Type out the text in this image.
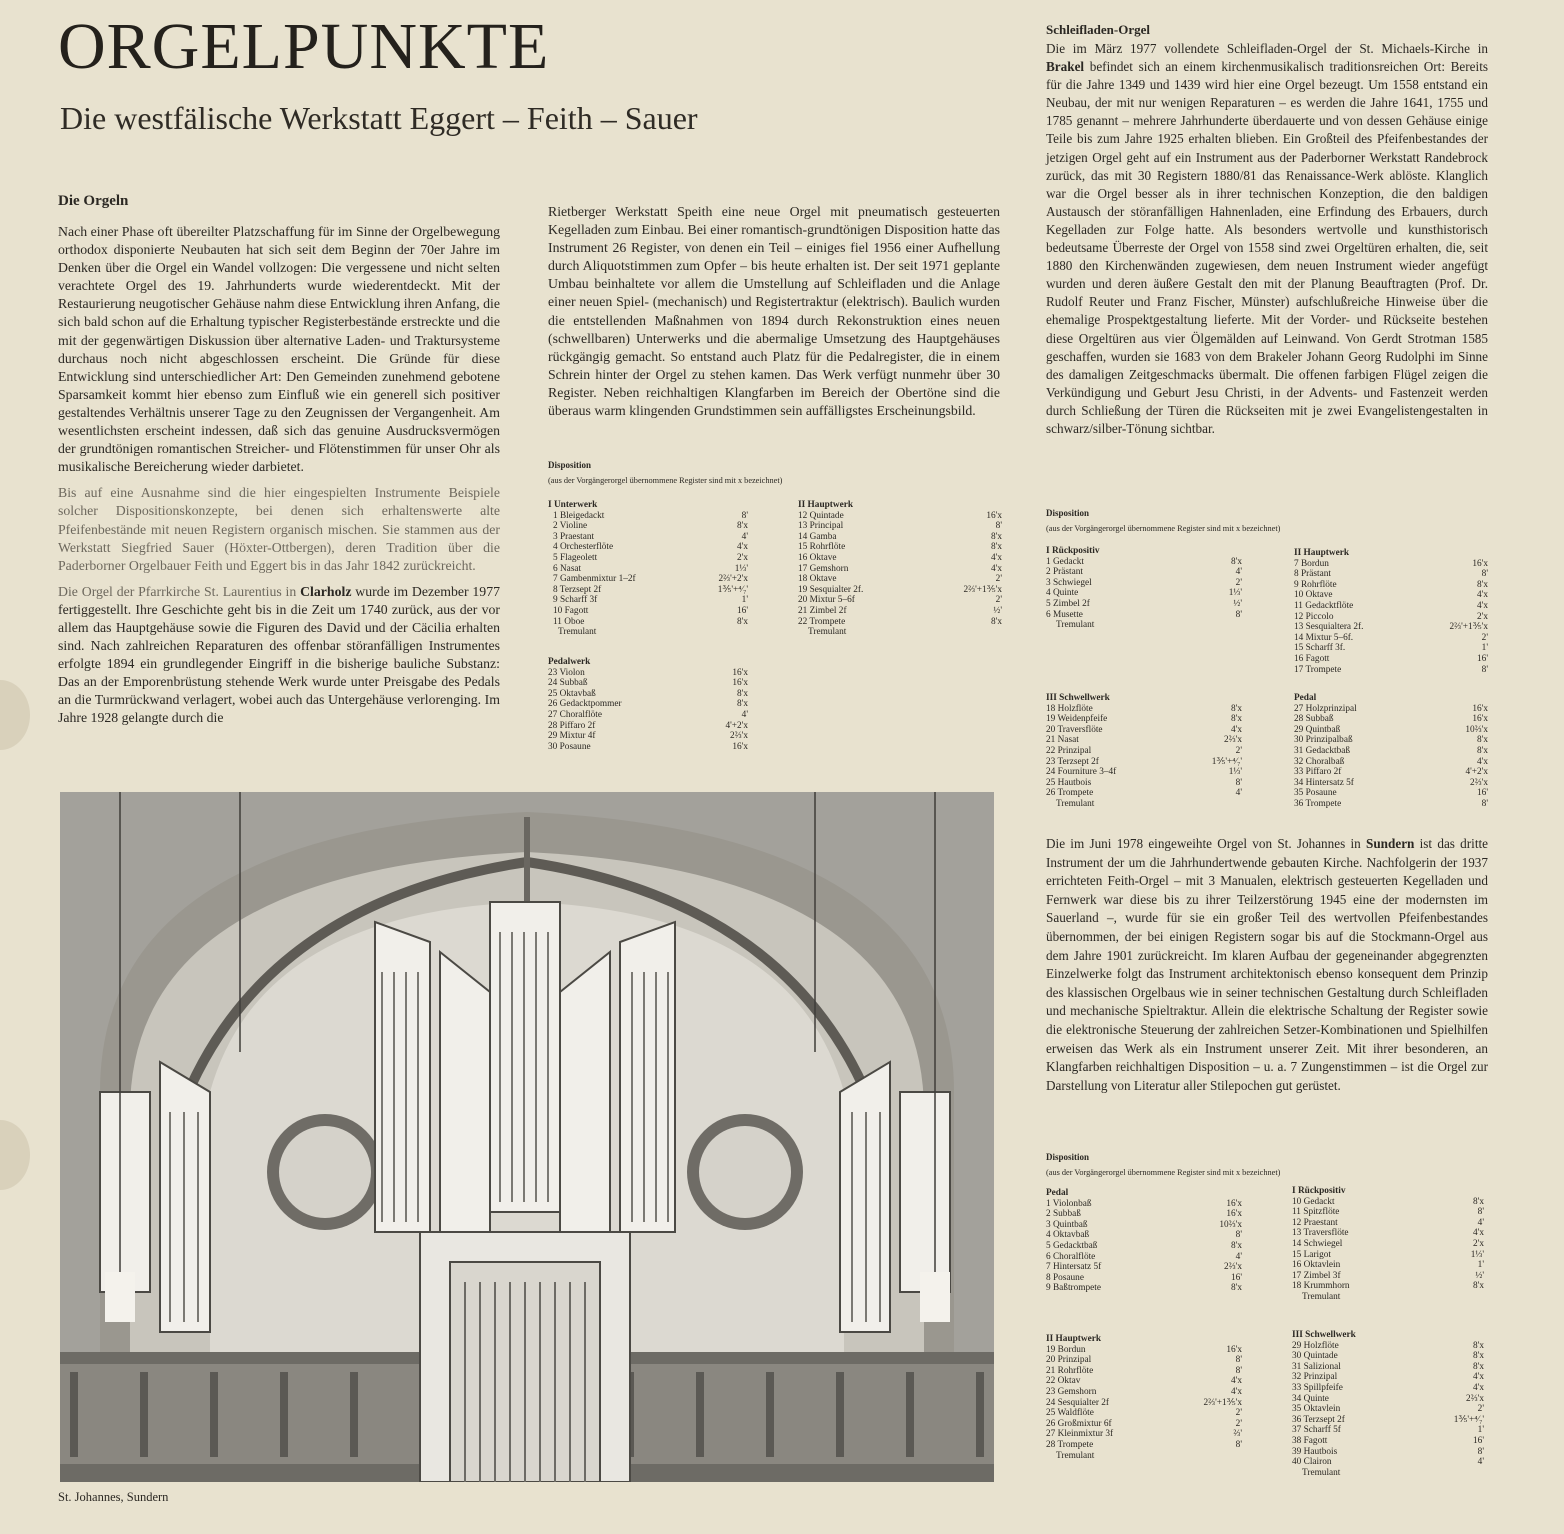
ORGELPUNKTE
Die westfälische Werkstatt Eggert – Feith – Sauer
Die Orgeln

Nach einer Phase oft übereilter Platzschaffung für im Sinne der Orgelbewegung orthodox disponierte Neubauten hat sich seit dem Beginn der 70er Jahre im Denken über die Orgel ein Wandel vollzogen: Die vergessene und nicht selten verachtete Orgel des 19. Jahrhunderts wurde wiederentdeckt. Mit der Restaurierung neugotischer Gehäuse nahm diese Entwicklung ihren Anfang, die sich bald schon auf die Erhaltung typischer Registerbestände erstreckte und die mit der gegenwärtigen Diskussion über alternative Laden- und Traktursysteme durchaus noch nicht abgeschlossen erscheint. Die Gründe für diese Entwicklung sind unterschiedlicher Art: Den Gemeinden zunehmend gebotene Sparsamkeit kommt hier ebenso zum Einfluß wie ein generell sich positiver gestaltendes Verhältnis unserer Tage zu den Zeugnissen der Vergangenheit. Am wesentlichsten erscheint indessen, daß sich das genuine Ausdrucksvermögen der grundtönigen romantischen Streicher- und Flötenstimmen für unser Ohr als musikalische Bereicherung wieder darbietet.

Bis auf eine Ausnahme sind die hier eingespielten Instrumente Beispiele solcher Dispositionskonzepte, bei denen sich erhaltenswerte alte Pfeifenbestände mit neuen Registern organisch mischen. Sie stammen aus der Werkstatt Siegfried Sauer (Höxter-Ottbergen), deren Tradition über die Paderborner Orgelbauer Feith und Eggert bis in das Jahr 1842 zurückreicht.

Die Orgel der Pfarrkirche St. Laurentius in Clarholz wurde im Dezember 1977 fertiggestellt. Ihre Geschichte geht bis in die Zeit um 1740 zurück, aus der vor allem das Hauptgehäuse sowie die Figuren des David und der Cäcilia erhalten sind. Nach zahlreichen Reparaturen des offenbar störanfälligen Instrumentes erfolgte 1894 ein grundlegender Eingriff in die bisherige bauliche Substanz: Das an der Emporenbrüstung stehende Werk wurde unter Preisgabe des Pedals an die Turmrückwand verlagert, wobei auch das Untergehäuse verlorenging. Im Jahre 1928 gelangte durch die

Rietberger Werkstatt Speith eine neue Orgel mit pneumatisch gesteuerten Kegelladen zum Einbau. Bei einer romantisch-grundtönigen Disposition hatte das Instrument 26 Register, von denen ein Teil – einiges fiel 1956 einer Aufhellung durch Aliquotstimmen zum Opfer – bis heute erhalten ist. Der seit 1971 geplante Umbau beinhaltete vor allem die Umstellung auf Schleifladen und die Anlage einer neuen Spiel- (mechanisch) und Registertraktur (elektrisch). Baulich wurden die entstellenden Maßnahmen von 1894 durch Rekonstruktion eines neuen (schwellbaren) Unterwerks und die abermalige Umsetzung des Hauptgehäuses rückgängig gemacht. So entstand auch Platz für die Pedalregister, die in einem Schrein hinter der Orgel zu stehen kamen. Das Werk verfügt nunmehr über 30 Register. Neben reichhaltigen Klangfarben im Bereich der Obertöne sind die überaus warm klingenden Grundstimmen sein auffälligstes Erscheinungsbild.

Disposition
(aus der Vorgängerorgel übernommene Register sind mit x bezeichnet)
I Unterwerk
1 Bleigedackt	8'
2 Violine	8'x
3 Praestant	4'
4 Orchesterflöte	4'x
5 Flageolett	2'x
6 Nasat	1⅓'
7 Gambenmixtur 1–2f	2⅔'+2'x
8 Terzsept 2f	1⅗'+⁴⁄₇'
9 Scharff 3f	1'
10 Fagott	16'
11 Oboe	8'x
Tremulant
Pedalwerk
23 Violon	16'x
24 Subbaß	16'x
25 Oktavbaß	8'x
26 Gedacktpommer	8'x
27 Choralflöte	4'
28 Piffaro 2f	4'+2'x
29 Mixtur 4f	2⅔'x
30 Posaune	16'x
II Hauptwerk
12 Quintade	16'x
13 Principal	8'
14 Gamba	8'x
15 Rohrflöte	8'x
16 Oktave	4'x
17 Gemshorn	4'x
18 Oktave	2'
19 Sesquialter 2f.	2⅔'+1⅗'x
20 Mixtur 5–6f	2'
21 Zimbel 2f	½'
22 Trompete	8'x
Tremulant
St. Johannes, Sundern
Schleifladen-Orgel

Die im März 1977 vollendete Schleifladen-Orgel der St. Michaels-Kirche in Brakel befindet sich an einem kirchenmusikalisch traditionsreichen Ort: Bereits für die Jahre 1349 und 1439 wird hier eine Orgel bezeugt. Um 1558 entstand ein Neubau, der mit nur wenigen Reparaturen – es werden die Jahre 1641, 1755 und 1785 genannt – mehrere Jahrhunderte überdauerte und von dessen Gehäuse einige Teile bis zum Jahre 1925 erhalten blieben. Ein Großteil des Pfeifenbestandes der jetzigen Orgel geht auf ein Instrument aus der Paderborner Werkstatt Randebrock zurück, das mit 30 Registern 1880/81 das Renaissance-Werk ablöste. Klanglich war die Orgel besser als in ihrer technischen Konzeption, die den baldigen Austausch der störanfälligen Hahnenladen, eine Erfindung des Erbauers, durch Kegelladen zur Folge hatte. Als besonders wertvolle und kunsthistorisch bedeutsame Überreste der Orgel von 1558 sind zwei Orgeltüren erhalten, die, seit 1880 den Kirchenwänden zugewiesen, dem neuen Instrument wieder angefügt wurden und deren äußere Gestalt den mit der Planung Beauftragten (Prof. Dr. Rudolf Reuter und Franz Fischer, Münster) aufschlußreiche Hinweise über die ehemalige Prospektgestaltung lieferte. Mit der Vorder- und Rückseite bestehen diese Orgeltüren aus vier Ölgemälden auf Leinwand. Von Gerdt Strotman 1585 geschaffen, wurden sie 1683 von dem Brakeler Johann Georg Rudolphi im Sinne des damaligen Zeitgeschmacks übermalt. Die offenen farbigen Flügel zeigen die Verkündigung und Geburt Jesu Christi, in der Advents- und Fastenzeit werden durch Schließung der Türen die Rückseiten mit je zwei Evangelistengestalten in schwarz/silber-Tönung sichtbar.

Disposition
(aus der Vorgängerorgel übernommene Register sind mit x bezeichnet)
I Rückpositiv
1 Gedackt	8'x
2 Prästant	4'
3 Schwiegel	2'
4 Quinte	1⅓'
5 Zimbel 2f	½'
6 Musette	8'
Tremulant
III Schwellwerk
18 Holzflöte	8'x
19 Weidenpfeife	8'x
20 Traversflöte	4'x
21 Nasat	2⅔'x
22 Prinzipal	2'
23 Terzsept 2f	1⅗'+⁴⁄₇'
24 Fourniture 3–4f	1⅓'
25 Hautbois	8'
26 Trompete	4'
Tremulant
II Hauptwerk
7 Bordun	16'x
8 Prästant	8'
9 Rohrflöte	8'x
10 Oktave	4'x
11 Gedacktflöte	4'x
12 Piccolo	2'x
13 Sesquialtera 2f.	2⅔'+1⅗'x
14 Mixtur 5–6f.	2'
15 Scharff 3f.	1'
16 Fagott	16'
17 Trompete	8'
Pedal
27 Holzprinzipal	16'x
28 Subbaß	16'x
29 Quintbaß	10⅔'x
30 Prinzipalbaß	8'x
31 Gedacktbaß	8'x
32 Choralbaß	4'x
33 Piffaro 2f	4'+2'x
34 Hintersatz 5f	2⅔'x
35 Posaune	16'
36 Trompete	8'

Die im Juni 1978 eingeweihte Orgel von St. Johannes in Sundern ist das dritte Instrument der um die Jahrhundertwende gebauten Kirche. Nachfolgerin der 1937 errichteten Feith-Orgel – mit 3 Manualen, elektrisch gesteuerten Kegelladen und Fernwerk war diese bis zu ihrer Teilzerstörung 1945 eine der modernsten im Sauerland –, wurde für sie ein großer Teil des wertvollen Pfeifenbestandes übernommen, der bei einigen Registern sogar bis auf die Stockmann-Orgel aus dem Jahre 1901 zurückreicht. Im klaren Aufbau der gegeneinander abgegrenzten Einzelwerke folgt das Instrument architektonisch ebenso konsequent dem Prinzip des klassischen Orgelbaus wie in seiner technischen Gestaltung durch Schleifladen und mechanische Spieltraktur. Allein die elektrische Schaltung der Register sowie die elektronische Steuerung der zahlreichen Setzer-Kombinationen und Spielhilfen erweisen das Werk als ein Instrument unserer Zeit. Mit ihrer besonderen, an Klangfarben reichhaltigen Disposition – u. a. 7 Zungenstimmen – ist die Orgel zur Darstellung von Literatur aller Stilepochen gut gerüstet.

Disposition
(aus der Vorgängerorgel übernommene Register sind mit x bezeichnet)
Pedal
1 Violonbaß	16'x
2 Subbaß	16'x
3 Quintbaß	10⅔'x
4 Oktavbaß	8'
5 Gedacktbaß	8'x
6 Choralflöte	4'
7 Hintersatz 5f	2⅔'x
8 Posaune	16'
9 Baßtrompete	8'x
I Rückpositiv
10 Gedackt	8'x
11 Spitzflöte	8'
12 Praestant	4'
13 Traversflöte	4'x
14 Schwiegel	2'x
15 Larigot	1⅓'
16 Oktavlein	1'
17 Zimbel 3f	½'
18 Krummhorn	8'x
Tremulant
II Hauptwerk
19 Bordun	16'x
20 Prinzipal	8'
21 Rohrflöte	8'
22 Oktav	4'x
23 Gemshorn	4'x
24 Sesquialter 2f	2⅔'+1⅗'x
25 Waldflöte	2'
26 Großmixtur 6f	2'
27 Kleinmixtur 3f	⅔'
28 Trompete	8'
Tremulant
III Schwellwerk
29 Holzflöte	8'x
30 Quintade	8'x
31 Salizional	8'x
32 Prinzipal	4'x
33 Spillpfeife	4'x
34 Quinte	2⅔'x
35 Oktavlein	2'
36 Terzsept 2f	1⅗'+⁴⁄₇'
37 Scharff 5f	1'
38 Fagott	16'
39 Hautbois	8'
40 Clairon	4'
Tremulant
